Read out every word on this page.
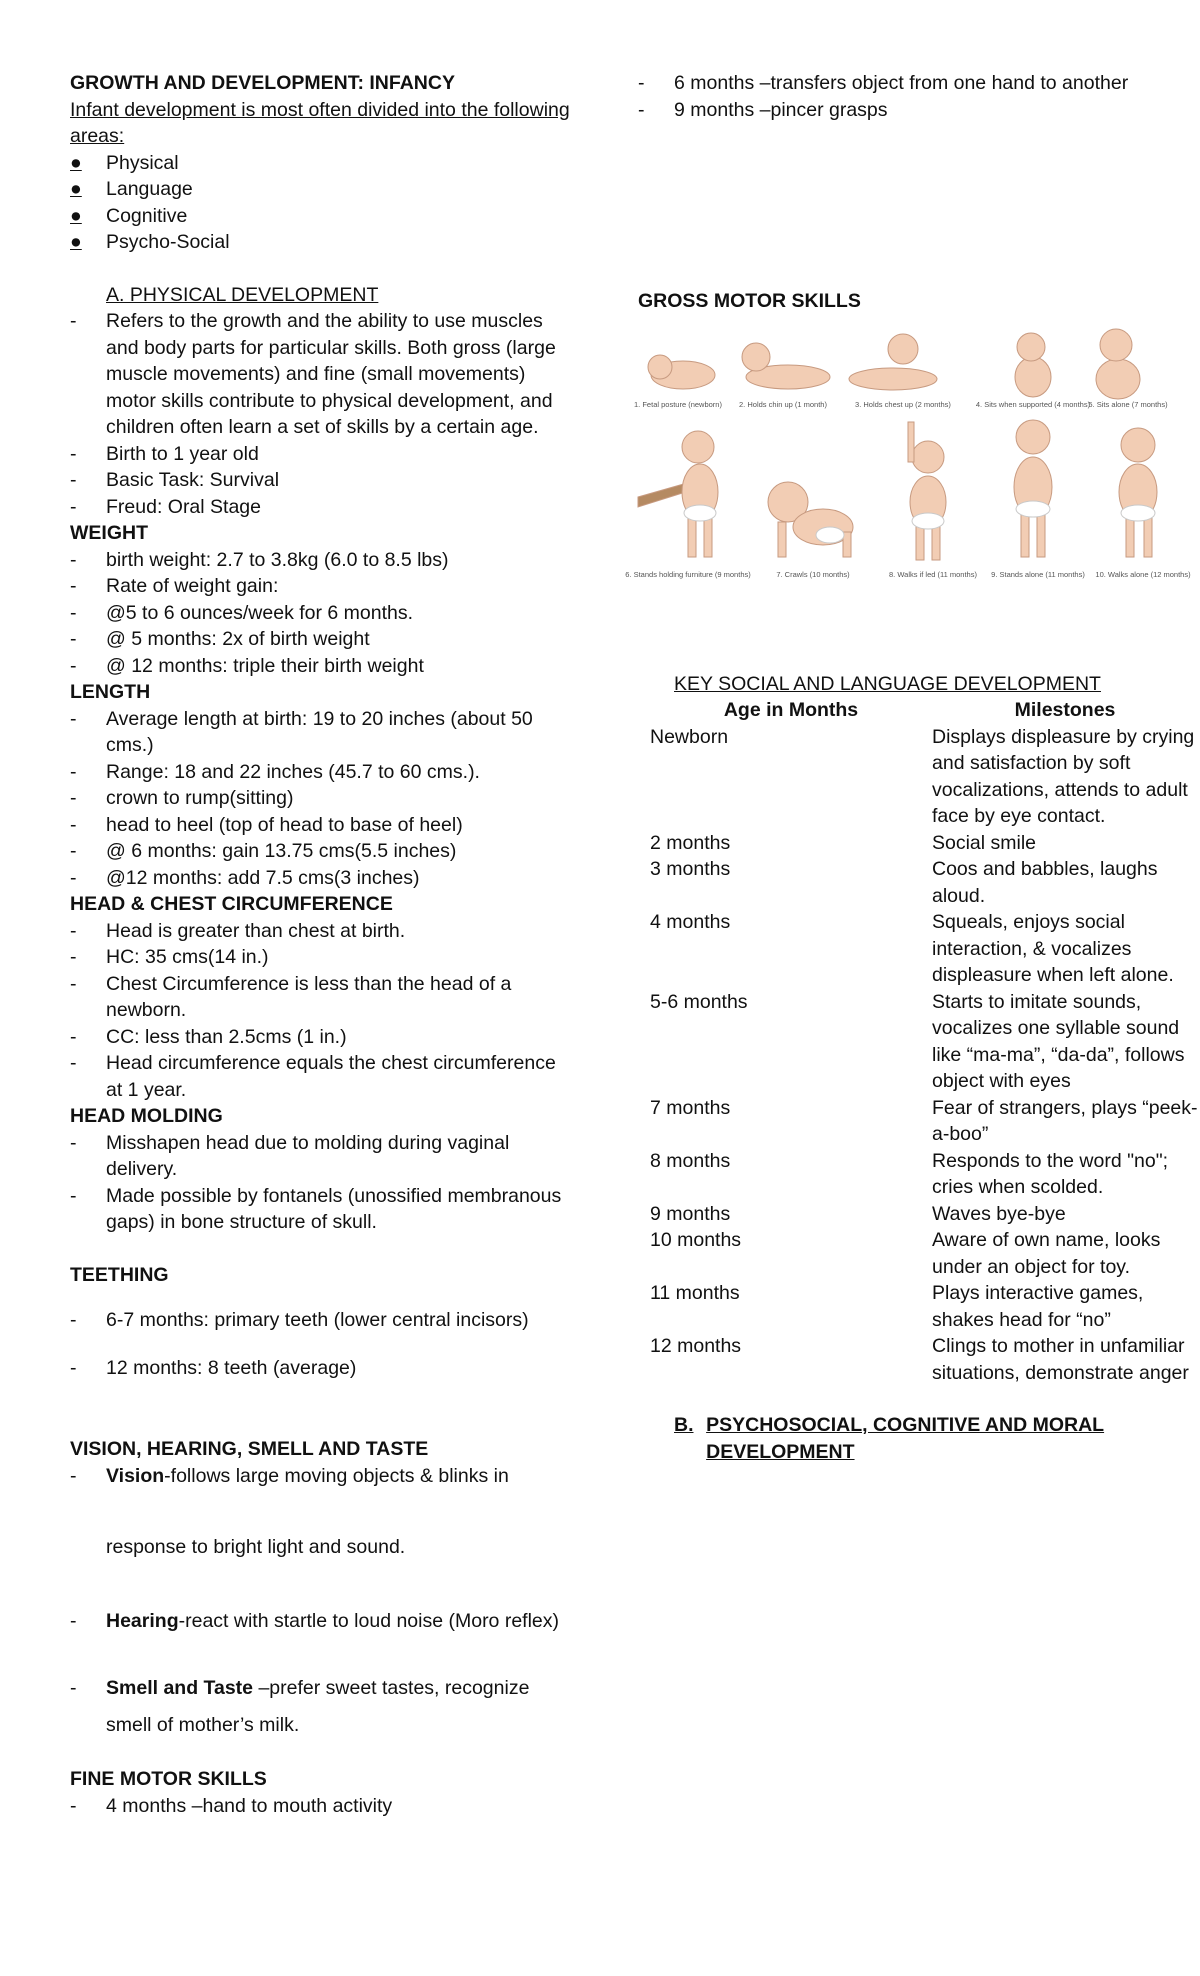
GROWTH AND DEVELOPMENT: INFANCY
Infant development is most often divided into the following areas:
●	Physical
●	Language
●	Cognitive
●	Psycho-Social
A. PHYSICAL DEVELOPMENT
-	Refers to the growth and the ability to use muscles and body parts for particular skills. Both gross (large muscle movements) and fine (small movements) motor skills contribute to physical development, and children often learn a set of skills by a certain age.
-	Birth to 1 year old
-	Basic Task: Survival
-	Freud: Oral Stage
WEIGHT
-	birth weight: 2.7 to 3.8kg (6.0 to 8.5 lbs)
-	Rate of weight gain:
-	@5 to 6 ounces/week for 6 months.
-	@ 5 months: 2x of birth weight
-	@ 12 months: triple their birth weight
LENGTH
-	Average length at birth: 19 to 20 inches (about 50 cms.)
-	Range: 18 and 22 inches (45.7 to 60 cms.).
-	crown to rump(sitting)
-	head to heel (top of head to base of heel)
-	@ 6 months: gain 13.75 cms(5.5 inches)
-	@12 months: add 7.5 cms(3 inches)
HEAD & CHEST CIRCUMFERENCE
-	Head is greater than chest at birth.
-	HC: 35 cms(14 in.)
-	Chest Circumference is less than the head of a newborn.
-	CC: less than 2.5cms (1 in.)
-	Head circumference equals the chest circumference at 1 year.
HEAD MOLDING
-	Misshapen head due to molding during vaginal delivery.
-	Made possible by fontanels (unossified membranous gaps) in bone structure of skull.
TEETHING
-	6-7 months: primary teeth (lower central incisors)
-	12 months: 8 teeth (average)
VISION, HEARING, SMELL AND TASTE
-	Vision-follows large moving objects & blinks in
response to bright light and sound.
-	Hearing-react with startle to loud noise (Moro reflex)
-	Smell and Taste –prefer sweet tastes, recognize smell of mother’s milk.
FINE MOTOR SKILLS
-	4 months –hand to mouth activity
-	6 months –transfers object from one hand to another
-	9 months –pincer grasps
GROSS MOTOR SKILLS
1. Fetal posture (newborn) 2. Holds chin up (1 month)	3. Holds chest up (2 months)	4. Sits when supported (4 months)
5. Sits alone (7 months)
6. Stands holding furniture (9 months)	7. Crawls (10 months)	8. Walks if led (11 months) 9. Stands alone (11 months) 10. Walks alone (12 months)
KEY SOCIAL AND LANGUAGE DEVELOPMENT
Age in Months	Milestones
Newborn	Displays displeasure by crying and satisfaction by soft vocalizations, attends to adult face by eye contact.
2 months	Social smile
3 months	Coos and babbles, laughs aloud.
4 months	Squeals, enjoys social interaction, & vocalizes displeasure when left alone.
5-6 months	Starts to imitate sounds, vocalizes one syllable sound like “ma-ma”, “da-da”, follows object with eyes
7 months	Fear of strangers, plays “peek-a-boo”
8 months	Responds to the word "no"; cries when scolded.
9 months	Waves bye-bye
10 months	Aware of own name, looks under an object for toy.
11 months	Plays interactive games, shakes head for “no”
12 months	Clings to mother in unfamiliar situations, demonstrate anger
B. PSYCHOSOCIAL, COGNITIVE AND MORAL DEVELOPMENT
